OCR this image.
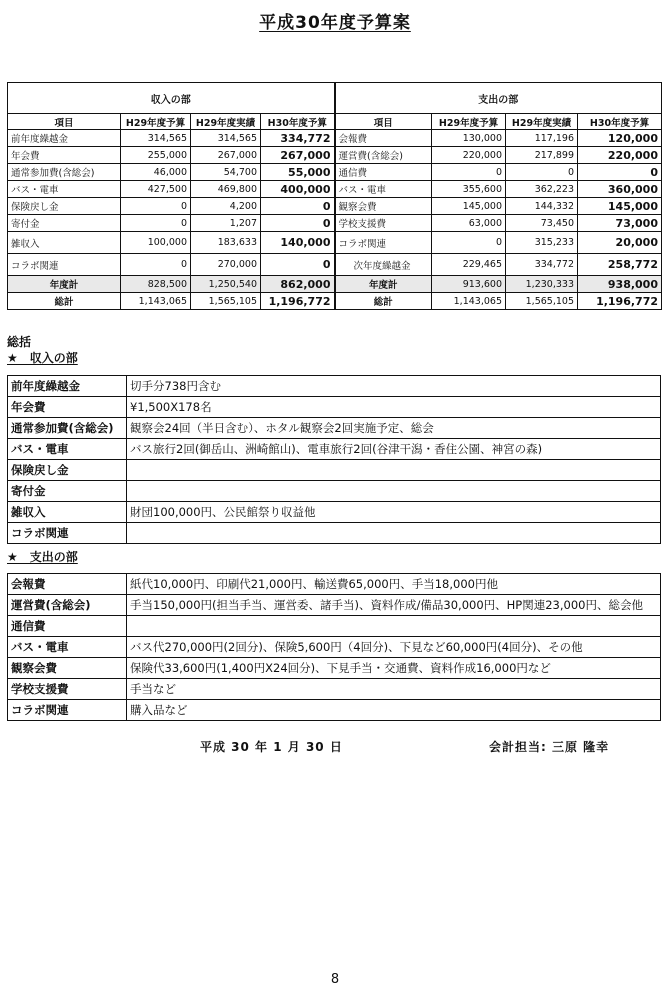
平成30年度予算案
収入の部				支出の部			
項目	H29年度予算	H29年度実績	H30年度予算	項目	H29年度予算	H29年度実績	H30年度予算
前年度繰越金	314,565	314,565	334,772	会報費	130,000	117,196	120,000
年会費	255,000	267,000	267,000	運営費(含総会)	220,000	217,899	220,000
通常参加費(含総会)	46,000	54,700	55,000	通信費	0	0	0
バス・電車	427,500	469,800	400,000	バス・電車	355,600	362,223	360,000
保険戻し金	0	4,200	0	観察会費	145,000	144,332	145,000
寄付金	0	1,207	0	学校支援費	63,000	73,450	73,000
雑収入	100,000	183,633	140,000	コラボ関連	0	315,233	20,000
コラボ関連	0	270,000	0	次年度繰越金	229,465	334,772	258,772
年度計	828,500	1,250,540	862,000	年度計	913,600	1,230,333	938,000
総計	1,143,065	1,565,105	1,196,772	総計	1,143,065	1,565,105	1,196,772
総括
★　収入の部
前年度繰越金	切手分738円含む
年会費	¥1,500X178名
通常参加費(含総会)	観察会24回（半日含む）、ホタル観察会2回実施予定、総会
バス・電車	バス旅行2回(御岳山、洲崎館山)、電車旅行2回(谷津干潟・香住公園、神宮の森)
保険戻し金	
寄付金	
雑収入	財団100,000円、公民館祭り収益他
コラボ関連	
★　支出の部
会報費	紙代10,000円、印刷代21,000円、輸送費65,000円、手当18,000円他
運営費(含総会)	手当150,000円(担当手当、運営委、諸手当)、資料作成/備品30,000円、HP関連23,000円、総会他
通信費	
バス・電車	バス代270,000円(2回分)、保険5,600円（4回分)、下見など60,000円(4回分)、その他
観察会費	保険代33,600円(1,400円X24回分)、下見手当・交通費、資料作成16,000円など
学校支援費	手当など
コラボ関連	購入品など
平成 30 年 1 月 30 日	会計担当: 三原 隆幸
8
